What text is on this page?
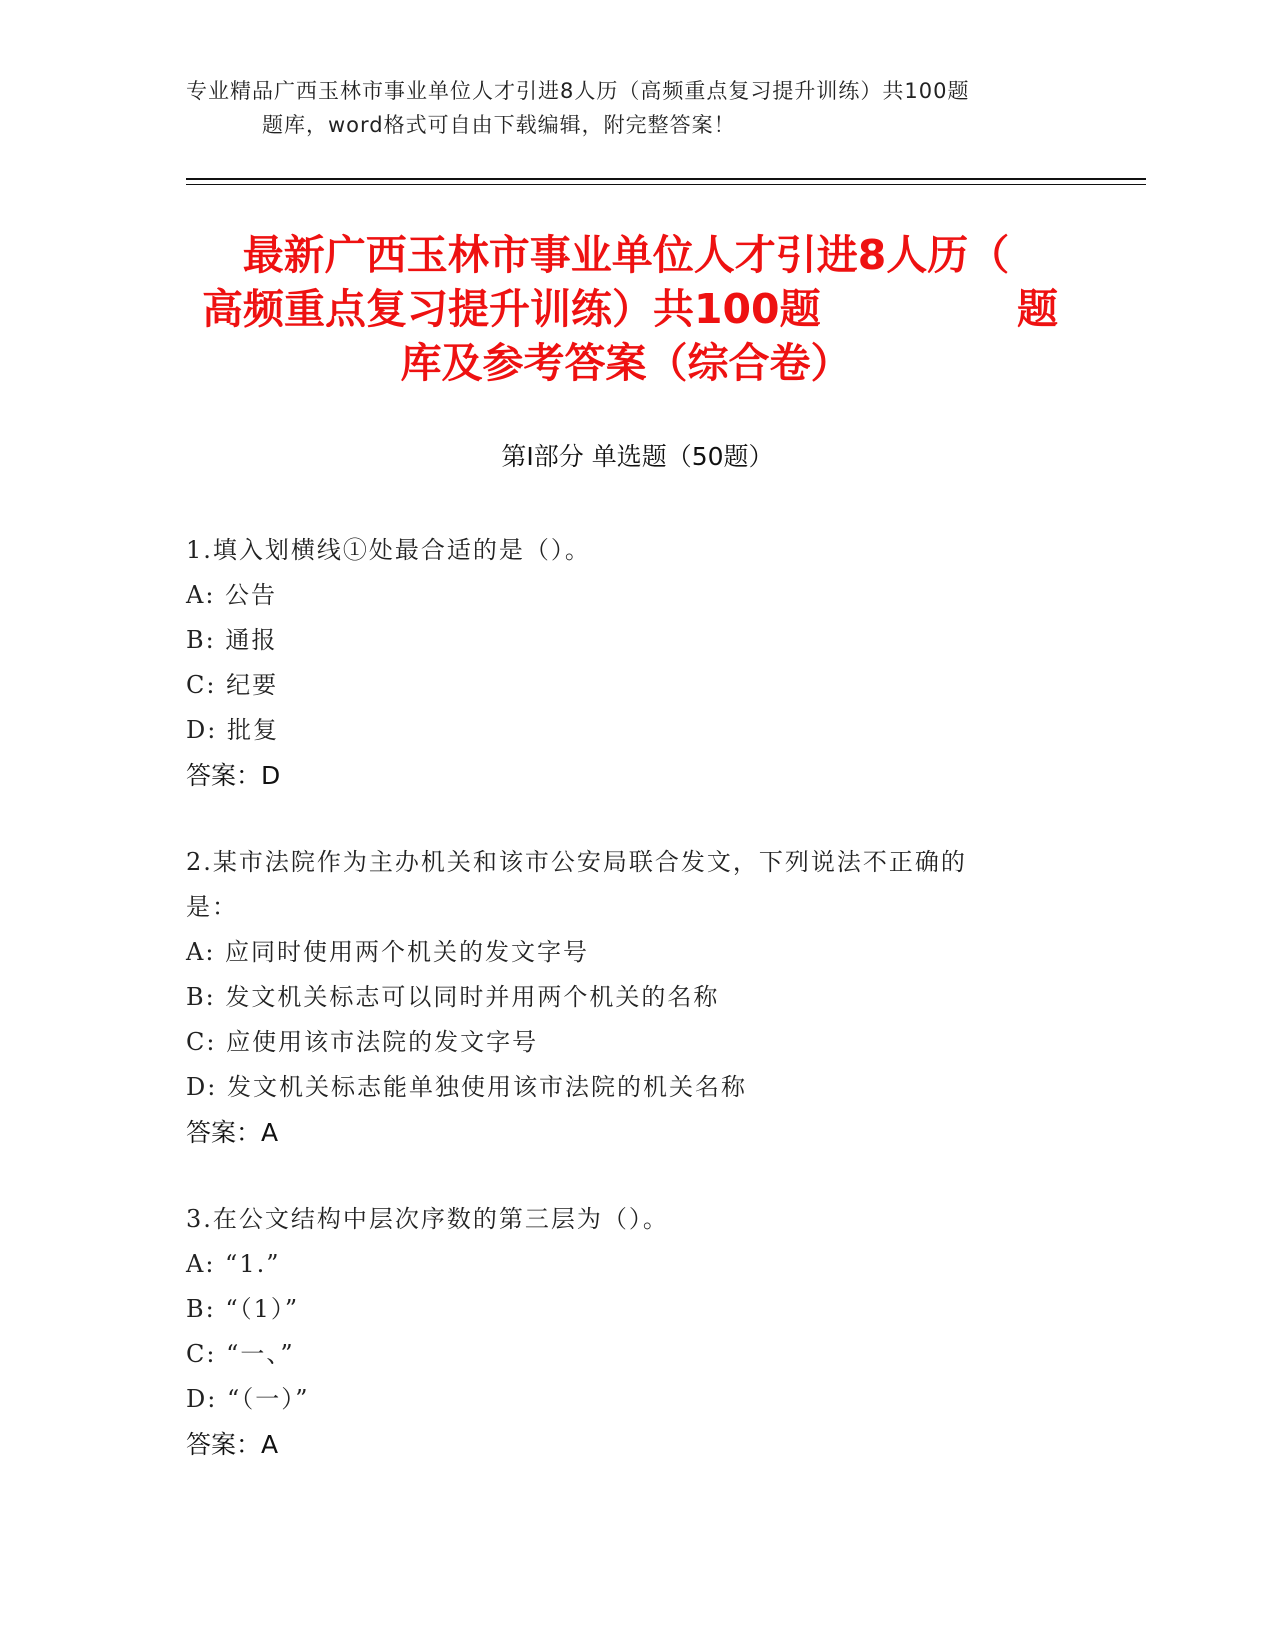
专业精品广西玉林市事业单位人才引进8人历（高频重点复习提升训练）共100题
题库，word格式可自由下载编辑，附完整答案！
最新广西玉林市事业单位人才引进8人历（
高频重点复习提升训练）共100题	题
库及参考答案（综合卷）
第Ⅰ部分 单选题（50题）
1.填入划横线①处最合适的是（）。
A: 公告
B: 通报
C: 纪要
D: 批复
答案：D
2.某市法院作为主办机关和该市公安局联合发文，下列说法不正确的
是：
A: 应同时使用两个机关的发文字号
B: 发文机关标志可以同时并用两个机关的名称
C: 应使用该市法院的发文字号
D: 发文机关标志能单独使用该市法院的机关名称
答案：A
3.在公文结构中层次序数的第三层为（）。
A: “1.”
B: “（1）”
C: “一、”
D: “（一）”
答案：A
